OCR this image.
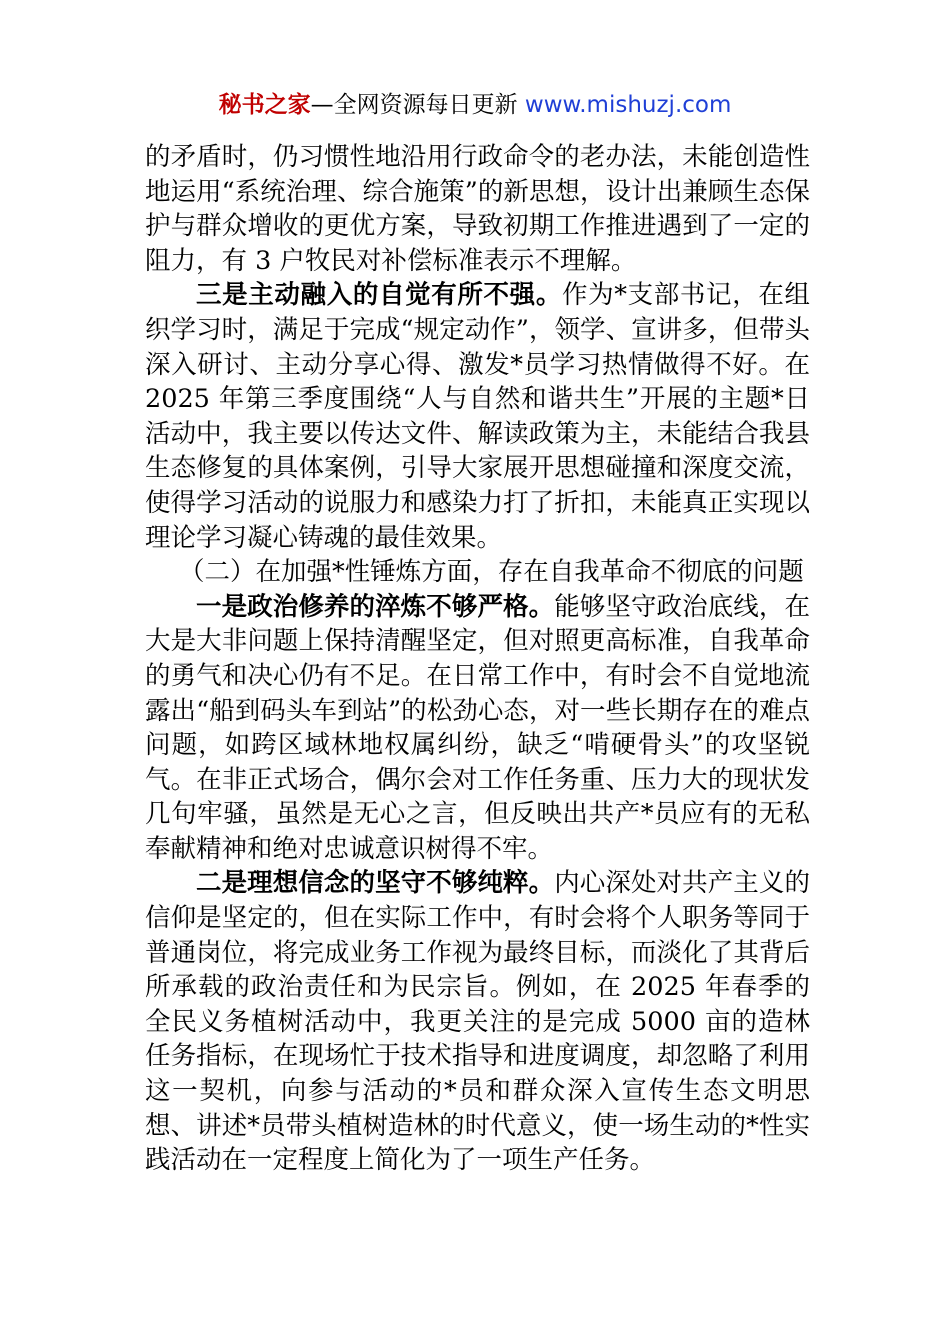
秘书之家—全网资源每日更新 www.mishuzj.com

的矛盾时，仍习惯性地沿用行政命令的老办法，未能创造性地运用“系统治理、综合施策”的新思想，设计出兼顾生态保护与群众增收的更优方案，导致初期工作推进遇到了一定的阻力，有 3 户牧民对补偿标准表示不理解。

三是主动融入的自觉有所不强。作为*支部书记，在组织学习时，满足于完成“规定动作”，领学、宣讲多，但带头深入研讨、主动分享心得、激发*员学习热情做得不好。在 2025 年第三季度围绕“人与自然和谐共生”开展的主题*日活动中，我主要以传达文件、解读政策为主，未能结合我县生态修复的具体案例，引导大家展开思想碰撞和深度交流，使得学习活动的说服力和感染力打了折扣，未能真正实现以理论学习凝心铸魂的最佳效果。

（二）在加强*性锤炼方面，存在自我革命不彻底的问题

一是政治修养的淬炼不够严格。能够坚守政治底线，在大是大非问题上保持清醒坚定，但对照更高标准，自我革命的勇气和决心仍有不足。在日常工作中，有时会不自觉地流露出“船到码头车到站”的松劲心态，对一些长期存在的难点问题，如跨区域林地权属纠纷，缺乏“啃硬骨头”的攻坚锐气。在非正式场合，偶尔会对工作任务重、压力大的现状发几句牢骚，虽然是无心之言，但反映出共产*员应有的无私奉献精神和绝对忠诚意识树得不牢。

二是理想信念的坚守不够纯粹。内心深处对共产主义的信仰是坚定的，但在实际工作中，有时会将个人职务等同于普通岗位，将完成业务工作视为最终目标，而淡化了其背后所承载的政治责任和为民宗旨。例如，在 2025 年春季的全民义务植树活动中，我更关注的是完成 5000 亩的造林任务指标，在现场忙于技术指导和进度调度，却忽略了利用这一契机，向参与活动的*员和群众深入宣传生态文明思想、讲述*员带头植树造林的时代意义，使一场生动的*性实践活动在一定程度上简化为了一项生产任务。
